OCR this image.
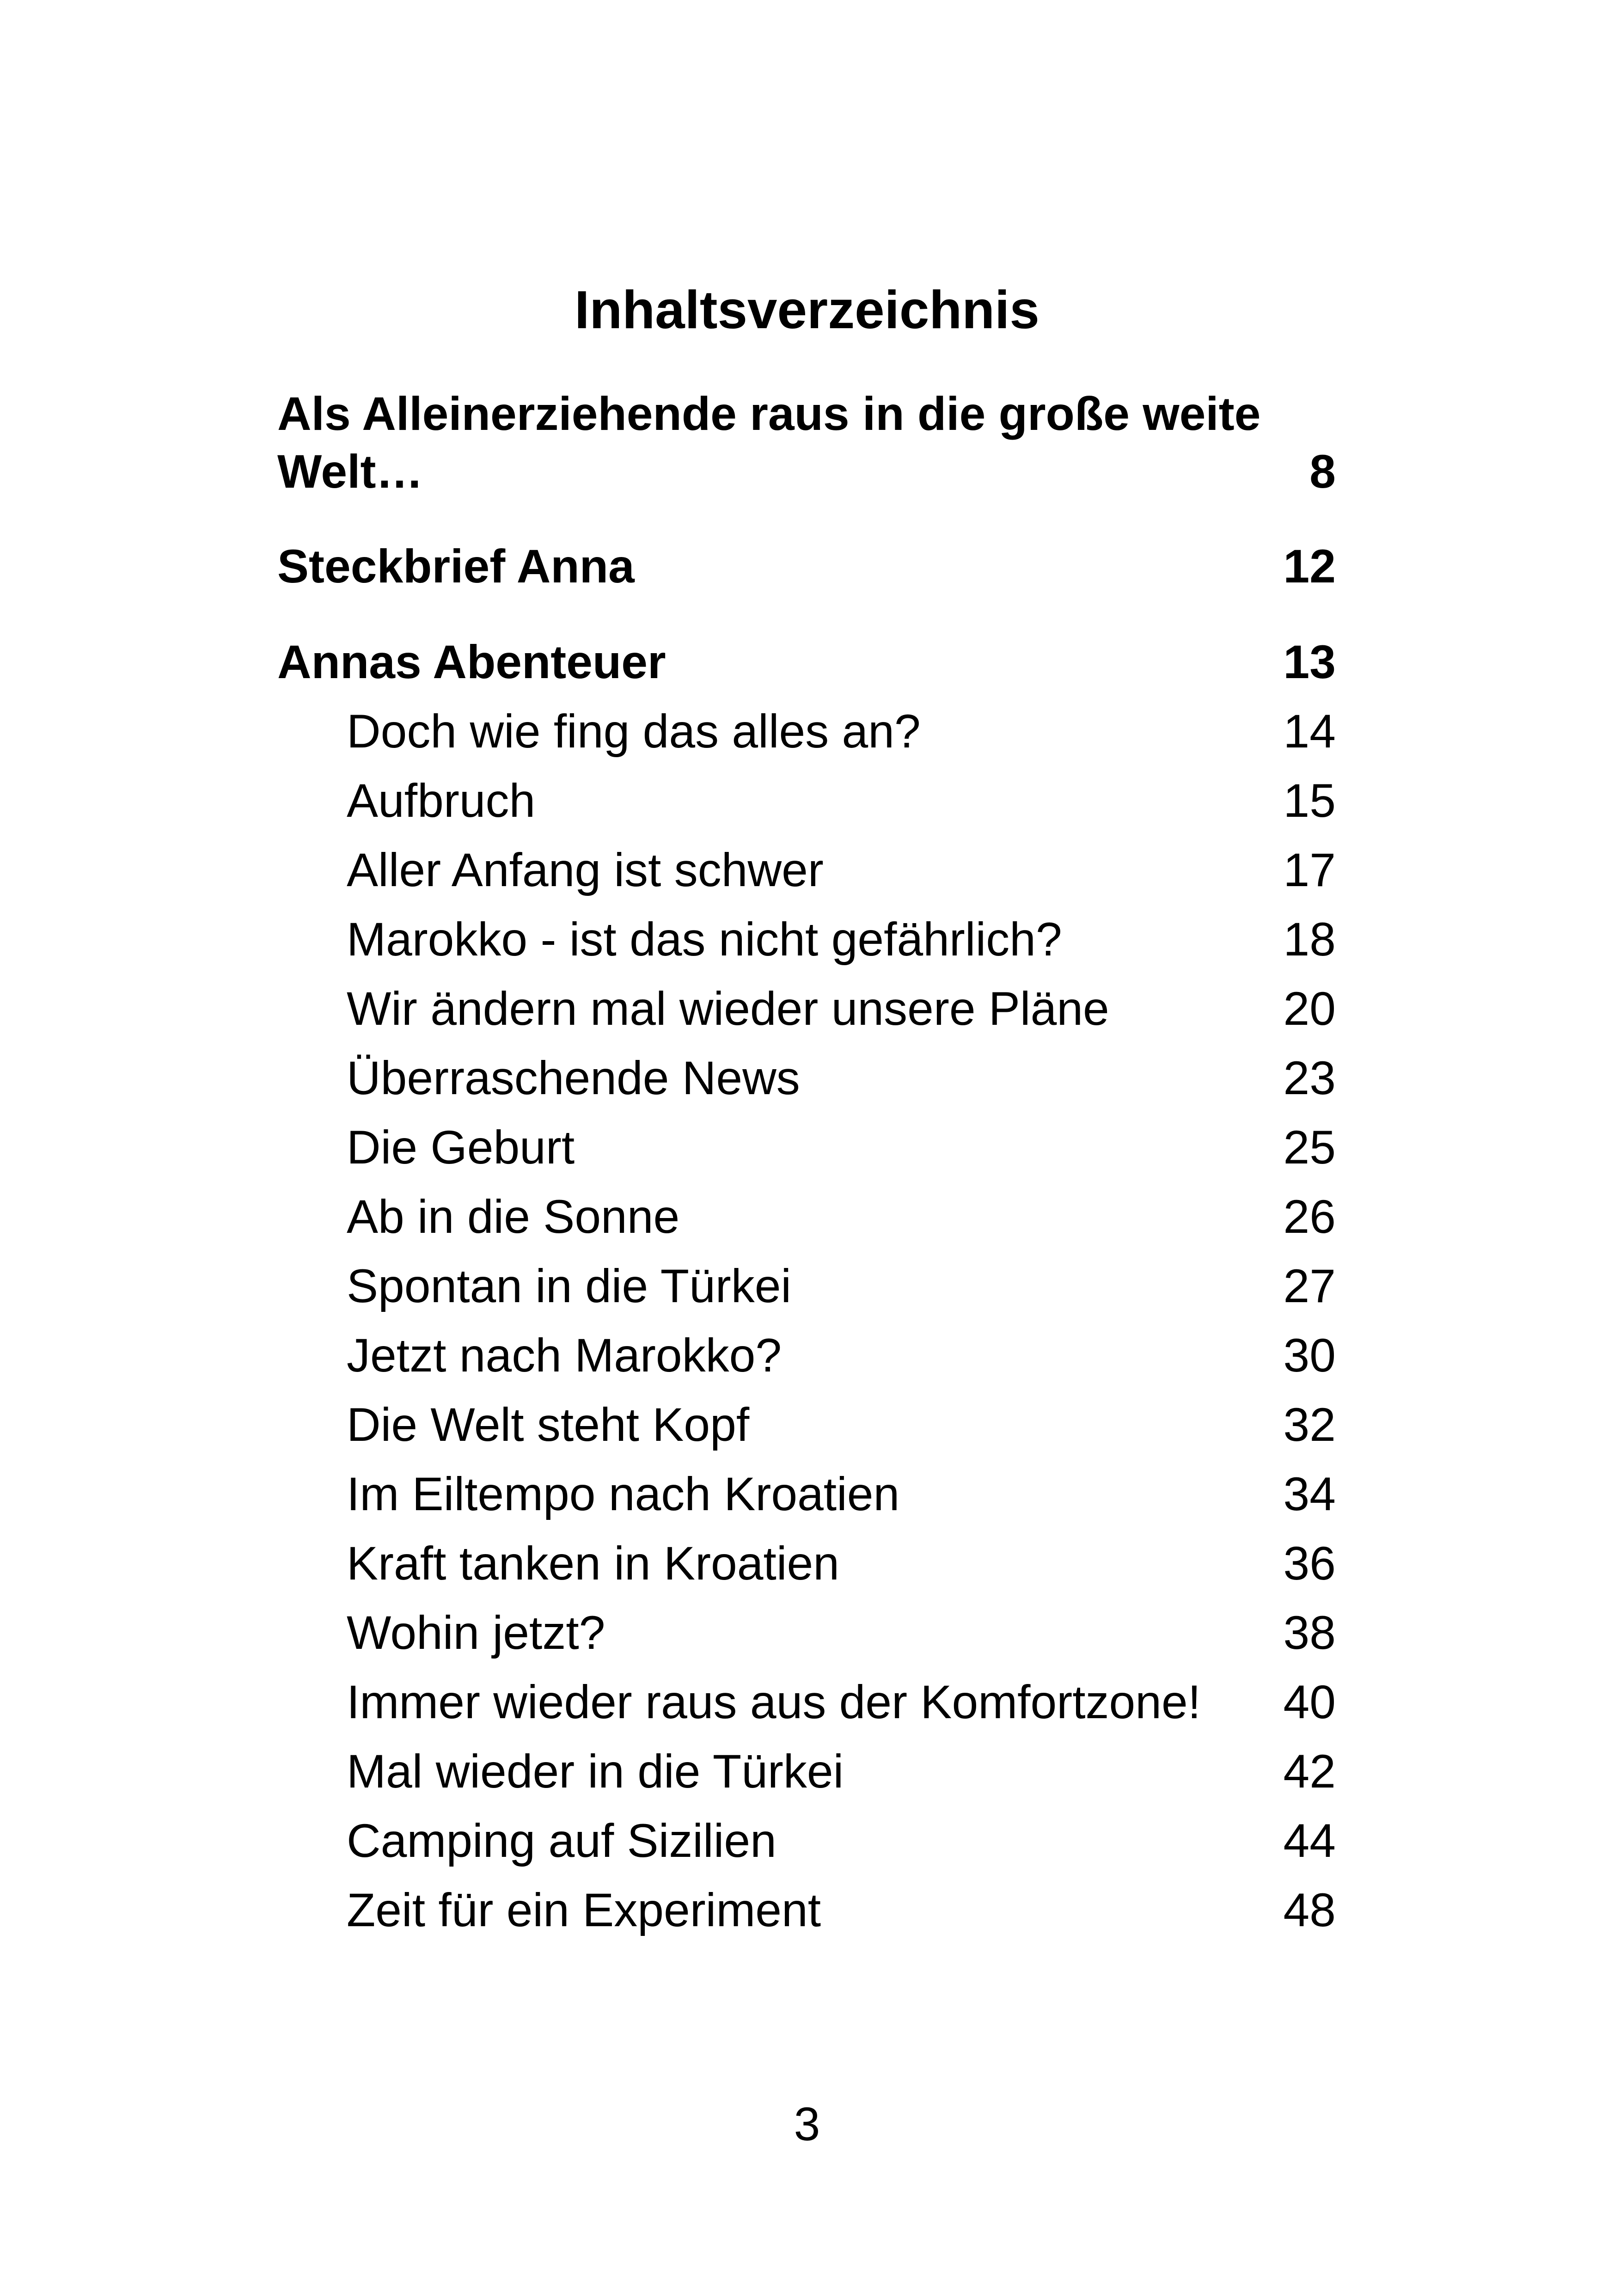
Inhaltsverzeichnis
Als Alleinerziehende raus in die große weite
Welt…	8
Steckbrief Anna	12
Annas Abenteuer	13
Doch wie fing das alles an?	14
Aufbruch	15
Aller Anfang ist schwer	17
Marokko - ist das nicht gefährlich?	18
Wir ändern mal wieder unsere Pläne	20
Überraschende News	23
Die Geburt	25
Ab in die Sonne	26
Spontan in die Türkei	27
Jetzt nach Marokko?	30
Die Welt steht Kopf	32
Im Eiltempo nach Kroatien	34
Kraft tanken in Kroatien	36
Wohin jetzt?	38
Immer wieder raus aus der Komfortzone! 40
Mal wieder in die Türkei	42
Camping auf Sizilien	44
Zeit für ein Experiment	48
3
